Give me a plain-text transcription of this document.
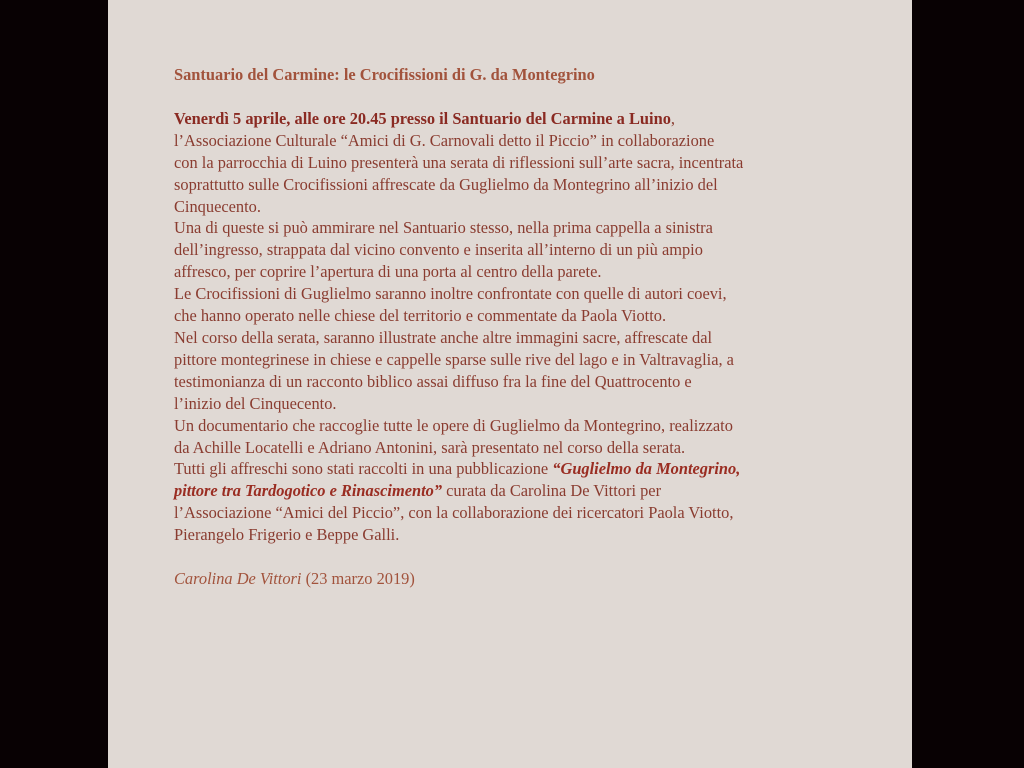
Santuario del Carmine: le Crocifissioni di G. da Montegrino

Venerdì 5 aprile, alle ore 20.45 presso il Santuario del Carmine a Luino,
l’Associazione Culturale “Amici di G. Carnovali detto il Piccio” in collaborazione
con la parrocchia di Luino presenterà una serata di riflessioni sull’arte sacra, incentrata
soprattutto sulle Crocifissioni affrescate da Guglielmo da Montegrino all’inizio del
Cinquecento.

Una di queste si può ammirare nel Santuario stesso, nella prima cappella a sinistra
dell’ingresso, strappata dal vicino convento e inserita all’interno di un più ampio
affresco, per coprire l’apertura di una porta al centro della parete.

Le Crocifissioni di Guglielmo saranno inoltre confrontate con quelle di autori coevi,
che hanno operato nelle chiese del territorio e commentate da Paola Viotto.

Nel corso della serata, saranno illustrate anche altre immagini sacre, affrescate dal
pittore montegrinese in chiese e cappelle sparse sulle rive del lago e in Valtravaglia, a
testimonianza di un racconto biblico assai diffuso fra la fine del Quattrocento e
l’inizio del Cinquecento.

Un documentario che raccoglie tutte le opere di Guglielmo da Montegrino, realizzato
da Achille Locatelli e Adriano Antonini, sarà presentato nel corso della serata.

Tutti gli affreschi sono stati raccolti in una pubblicazione “Guglielmo da Montegrino,
pittore tra Tardogotico e Rinascimento” curata da Carolina De Vittori per
l’Associazione “Amici del Piccio”, con la collaborazione dei ricercatori Paola Viotto,
Pierangelo Frigerio e Beppe Galli.

Carolina De Vittori (23 marzo 2019)
